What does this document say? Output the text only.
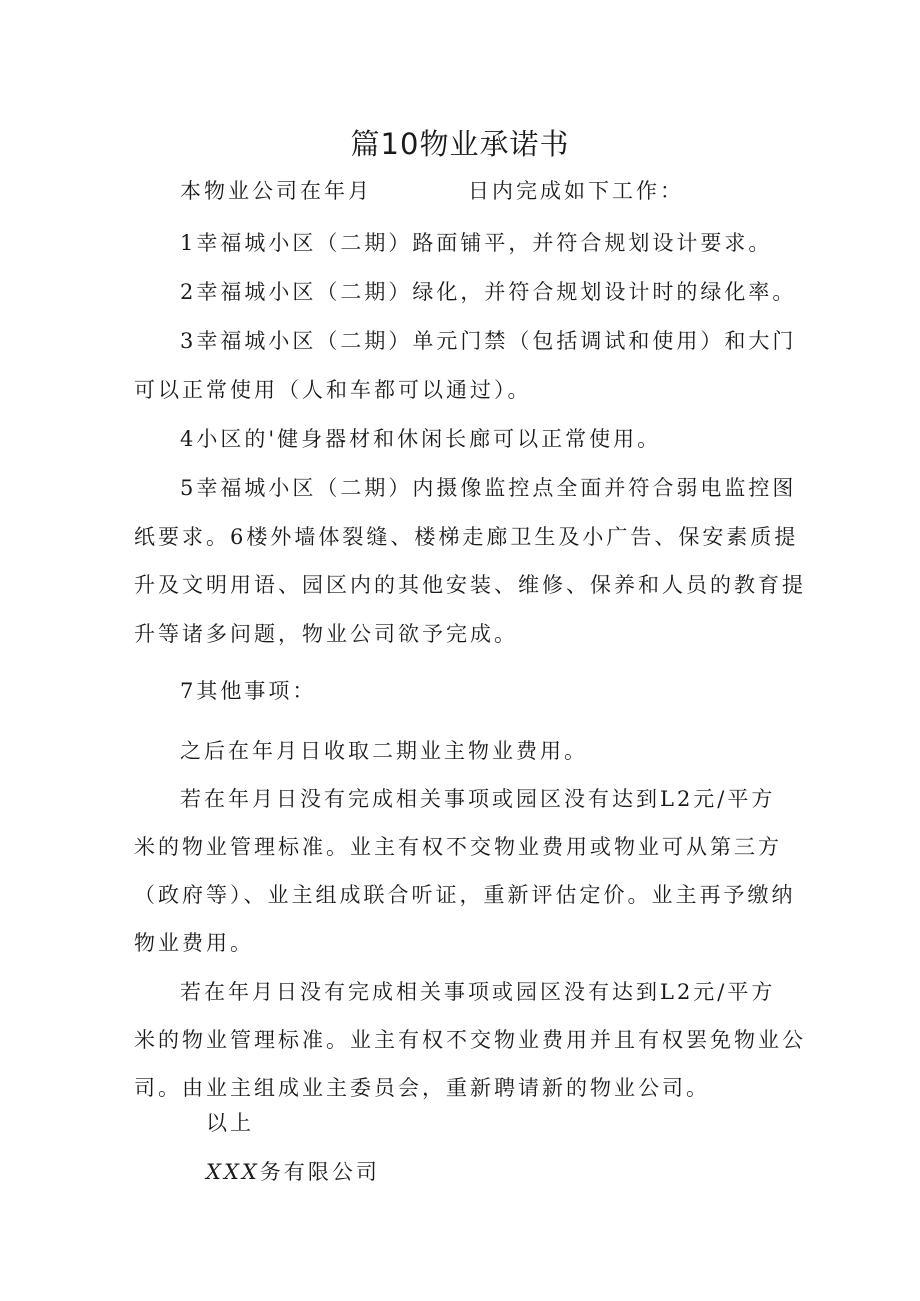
篇10物业承诺书
本物业公司在年月	日内完成如下工作：
1幸福城小区（二期）路面铺平，并符合规划设计要求。
2幸福城小区（二期）绿化，并符合规划设计时的绿化率。
3幸福城小区（二期）单元门禁（包括调试和使用）和大门
可以正常使用（人和车都可以通过）。
4小区的'健身器材和休闲长廊可以正常使用。
5幸福城小区（二期）内摄像监控点全面并符合弱电监控图
纸要求。6楼外墙体裂缝、楼梯走廊卫生及小广告、保安素质提
升及文明用语、园区内的其他安装、维修、保养和人员的教育提
升等诸多问题，物业公司欲予完成。
7其他事项：
之后在年月日收取二期业主物业费用。
若在年月日没有完成相关事项或园区没有达到L2元/平方
米的物业管理标准。业主有权不交物业费用或物业可从第三方
（政府等）、业主组成联合听证，重新评估定价。业主再予缴纳
物业费用。
若在年月日没有完成相关事项或园区没有达到L2元/平方
米的物业管理标准。业主有权不交物业费用并且有权罢免物业公
司。由业主组成业主委员会，重新聘请新的物业公司。
以上
XXX务有限公司
